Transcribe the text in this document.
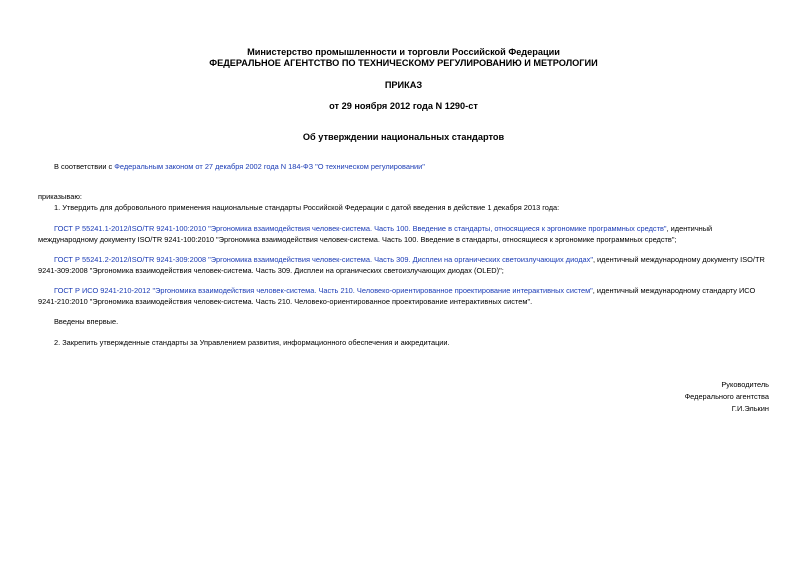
Министерство промышленности и торговли Российской Федерации
ФЕДЕРАЛЬНОЕ АГЕНТСТВО ПО ТЕХНИЧЕСКОМУ РЕГУЛИРОВАНИЮ И МЕТРОЛОГИИ
ПРИКАЗ
от 29 ноября 2012 года N 1290-ст
Об утверждении национальных стандартов
В соответствии с Федеральным законом от 27 декабря 2002 года N 184-ФЗ "О техническом регулировании"
приказываю:
1. Утвердить для добровольного применения национальные стандарты Российской Федерации с датой введения в действие 1 декабря 2013 года:
ГОСТ Р 55241.1-2012/ISO/TR 9241-100:2010 "Эргономика взаимодействия человек-система. Часть 100. Введение в стандарты, относящиеся к эргономике программных средств", идентичный международному документу ISO/TR 9241-100:2010 "Эргономика взаимодействия человек-система. Часть 100. Введение в стандарты, относящиеся к эргономике программных средств";
ГОСТ Р 55241.2-2012/ISO/TR 9241-309:2008 "Эргономика взаимодействия человек-система. Часть 309. Дисплеи на органических светоизлучающих диодах", идентичный международному документу ISO/TR 9241-309:2008 "Эргономика взаимодействия человек-система. Часть 309. Дисплеи на органических светоизлучающих диодах (OLED)";
ГОСТ Р ИСО 9241-210-2012 "Эргономика взаимодействия человек-система. Часть 210. Человеко-ориентированное проектирование интерактивных систем", идентичный международному стандарту ИСО 9241-210:2010 "Эргономика взаимодействия человек-система. Часть 210. Человеко-ориентированное проектирование интерактивных систем".
Введены впервые.
2. Закрепить утвержденные стандарты за Управлением развития, информационного обеспечения и аккредитации.
Руководитель
Федерального агентства
Г.И.Элькин
